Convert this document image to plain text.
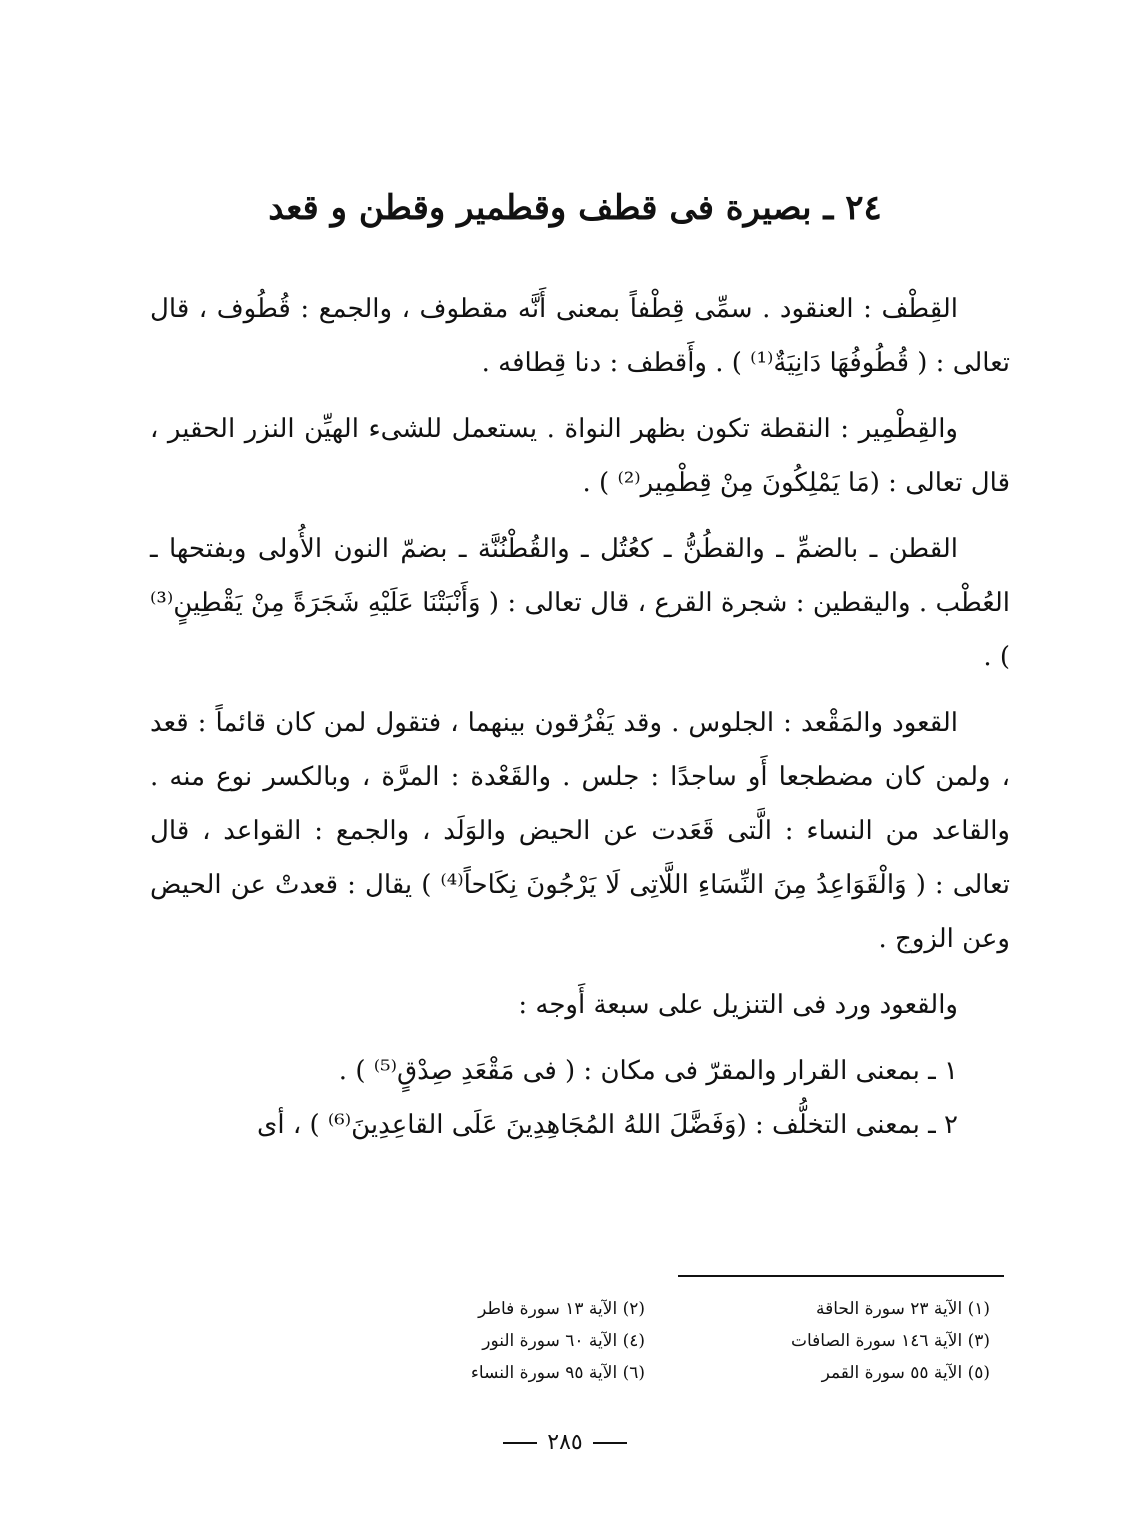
٢٤ ـ بصيرة فى قطف وقطمير وقطن و قعد

القِطْف : العنقود . سمِّى قِطْفاً بمعنى أَنَّه مقطوف ، والجمع : قُطُوف ، قال تعالى : ( قُطُوفُهَا دَانِيَةٌ⁽¹⁾ ) . وأَقطف : دنا قِطافه .

والقِطْمِير : النقطة تكون بظهر النواة . يستعمل للشىء الهيِّن النزر الحقير ، قال تعالى : (مَا يَمْلِكُونَ مِنْ قِطْمِير⁽²⁾ ) .

القطن ـ بالضمِّ ـ والقطُنُّ ـ كعُتُل ـ والقُطْنُنَّة ـ بضمّ النون الأُولى وبفتحها ـ العُطْب . واليقطين : شجرة القرع ، قال تعالى : ( وَأَنْبَتْنَا عَلَيْهِ شَجَرَةً مِنْ يَقْطِينٍ⁽³⁾ ) .

القعود والمَقْعد : الجلوس . وقد يَفْرُقون بينهما ، فتقول لمن كان قائماً : قعد ، ولمن كان مضطجعا أَو ساجدًا : جلس . والقَعْدة : المرَّة ، وبالكسر نوع منه . والقاعد من النساء : الَّتى قَعَدت عن الحيض والوَلَد ، والجمع : القواعد ، قال تعالى : ( وَالْقَوَاعِدُ مِنَ النِّسَاءِ اللَّاتِى لَا يَرْجُونَ نِكَاحاً⁽⁴⁾ ) يقال : قعدتْ عن الحيض وعن الزوج .

والقعود ورد فى التنزيل على سبعة أَوجه :

١ ـ بمعنى القرار والمقرّ فى مكان : ( فى مَقْعَدِ صِدْقٍ⁽⁵⁾ ) .

٢ ـ بمعنى التخلُّف : (وَفَضَّلَ اللهُ المُجَاهِدِينَ عَلَى القاعِدِينَ⁽⁶⁾ ) ، أى

(١) الآية ٢٣ سورة الحاقة
(٢) الآية ١٣ سورة فاطر
(٣) الآية ١٤٦ سورة الصافات
(٤) الآية ٦٠ سورة النور
(٥) الآية ٥٥ سورة القمر
(٦) الآية ٩٥ سورة النساء
٢٨٥
